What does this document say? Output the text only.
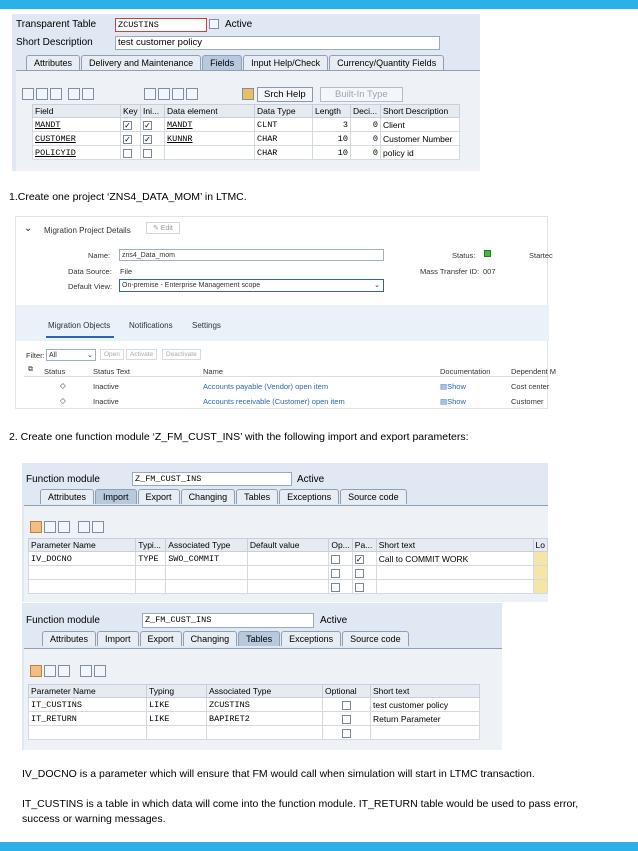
Transparent Table	ZCUSTINS	Active
Short Description	test customer policy
Attributes	Delivery and Maintenance	Fields	Input Help/Check	Currency/Quantity Fields
Srch Help	Built-In Type
Field	Key	Ini...	Data element	Data Type	Length	Deci...	Short Description
MANDT	✓	✓	MANDT	CLNT	3	0	Client
CUSTOMER	✓	✓	KUNNR	CHAR	10	0	Customer Number
POLICYID				CHAR	10	0	policy id

1.Create one project ‘ZNS4_DATA_MOM’ in LTMC.

⌄ Migration Project Details	✎ Edit
Name:	zns4_Data_mom
Data Source: File
Default View:	On-premise - Enterprise Management scope	⌄
Status:	Startec
Mass Transfer ID: 007
Migration Objects Notifications Settings
Filter: All	⌄	Open	Activate	Deactivate
⧉ Status	Status Text	Name	Documentation	Dependent M
◇	Inactive	Accounts payable (Vendor) open item	▤Show	Cost center
◇	Inactive	Accounts receivable (Customer) open item	▤Show	Customer

2. Create one function module ‘Z_FM_CUST_INS’ with the following import and export parameters:

Function module	Z_FM_CUST_INS	Active
Attributes	Import	Export	Changing	Tables	Exceptions	Source code
Parameter Name	Typi...	Associated Type	Default value	Op...	Pa...	Short text	Lo
IV_DOCNO	TYPE	SWO_COMMIT			✓	Call to COMMIT WORK	

Function module	Z_FM_CUST_INS	Active
Attributes	Import	Export	Changing	Tables	Exceptions	Source code
Parameter Name	Typing	Associated Type	Optional	Short text
IT_CUSTINS	LIKE	ZCUSTINS		test customer policy
IT_RETURN	LIKE	BAPIRET2		Return Parameter

IV_DOCNO is a parameter which will ensure that FM would call when simulation will start in LTMC transaction.

IT_CUSTINS is a table in which data will come into the function module. IT_RETURN table would be used to pass error,

success or warning messages.
